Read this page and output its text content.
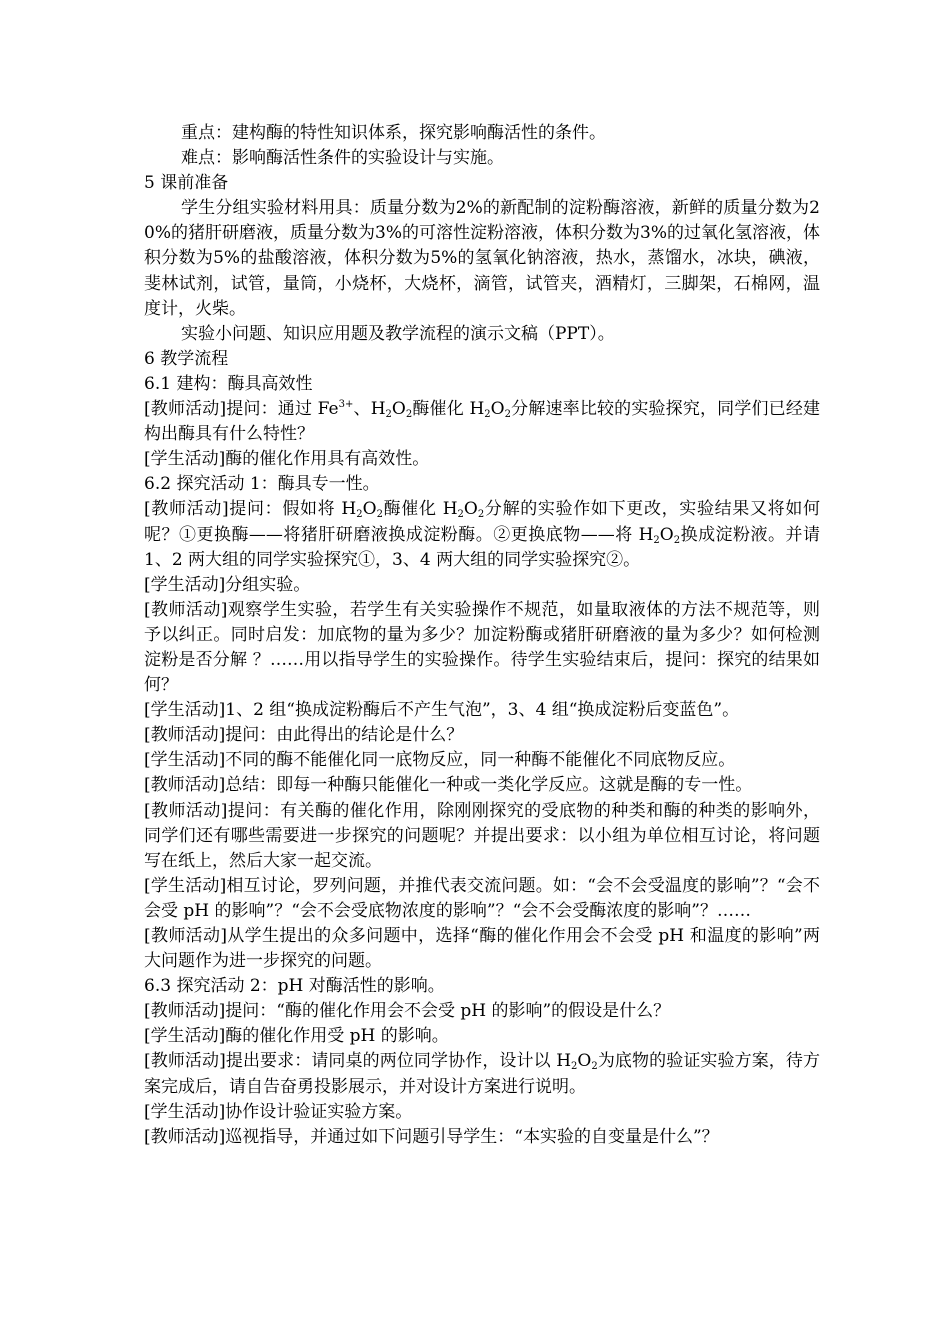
重点：建构酶的特性知识体系，探究影响酶活性的条件。

难点：影响酶活性条件的实验设计与实施。

5 课前准备

学生分组实验材料用具：质量分数为2%的新配制的淀粉酶溶液，新鲜的质量分数为20%的猪肝研磨液，质量分数为3%的可溶性淀粉溶液，体积分数为3%的过氧化氢溶液，体积分数为5%的盐酸溶液，体积分数为5%的氢氧化钠溶液，热水，蒸馏水，冰块，碘液，斐林试剂，试管，量筒，小烧杯，大烧杯，滴管，试管夹，酒精灯，三脚架，石棉网，温度计，火柴。

实验小问题、知识应用题及教学流程的演示文稿（PPT）。

6 教学流程

6.1 建构：酶具高效性

[教师活动]提问：通过 $Fe^{3+}$、$H_2O_2$酶催化 $H_2O_2$分解速率比较的实验探究，同学们已经建构出酶具有什么特性？

[学生活动]酶的催化作用具有高效性。

6.2 探究活动 1：酶具专一性。

[教师活动]提问：假如将 $H_2O_2$酶催化 $H_2O_2$分解的实验作如下更改，实验结果又将如何呢？①更换酶——将猪肝研磨液换成淀粉酶。②更换底物——将 $H_2O_2$换成淀粉液。并请 1、2 两大组的同学实验探究①，3、4 两大组的同学实验探究②。

[学生活动]分组实验。

[教师活动]观察学生实验，若学生有关实验操作不规范，如量取液体的方法不规范等，则予以纠正。同时启发：加底物的量为多少？加淀粉酶或猪肝研磨液的量为多少？如何检测淀粉是否分解 ？……用以指导学生的实验操作。待学生实验结束后，提问：探究的结果如何？

[学生活动]1、2 组“换成淀粉酶后不产生气泡”，3、4 组“换成淀粉后变蓝色”。

[教师活动]提问：由此得出的结论是什么？

[学生活动]不同的酶不能催化同一底物反应，同一种酶不能催化不同底物反应。

[教师活动]总结：即每一种酶只能催化一种或一类化学反应。这就是酶的专一性。

[教师活动]提问：有关酶的催化作用，除刚刚探究的受底物的种类和酶的种类的影响外，同学们还有哪些需要进一步探究的问题呢？并提出要求：以小组为单位相互讨论，将问题写在纸上，然后大家一起交流。

[学生活动]相互讨论，罗列问题，并推代表交流问题。如：“会不会受温度的影响”？“会不会受 pH 的影响”？“会不会受底物浓度的影响”？“会不会受酶浓度的影响”？……

[教师活动]从学生提出的众多问题中，选择“酶的催化作用会不会受 pH 和温度的影响”两大问题作为进一步探究的问题。

6.3 探究活动 2：pH 对酶活性的影响。

[教师活动]提问：“酶的催化作用会不会受 pH 的影响”的假设是什么？

[学生活动]酶的催化作用受 pH 的影响。

[教师活动]提出要求：请同桌的两位同学协作，设计以 $H_2O_2$为底物的验证实验方案，待方案完成后，请自告奋勇投影展示，并对设计方案进行说明。

[学生活动]协作设计验证实验方案。

[教师活动]巡视指导，并通过如下问题引导学生：“本实验的自变量是什么”？
